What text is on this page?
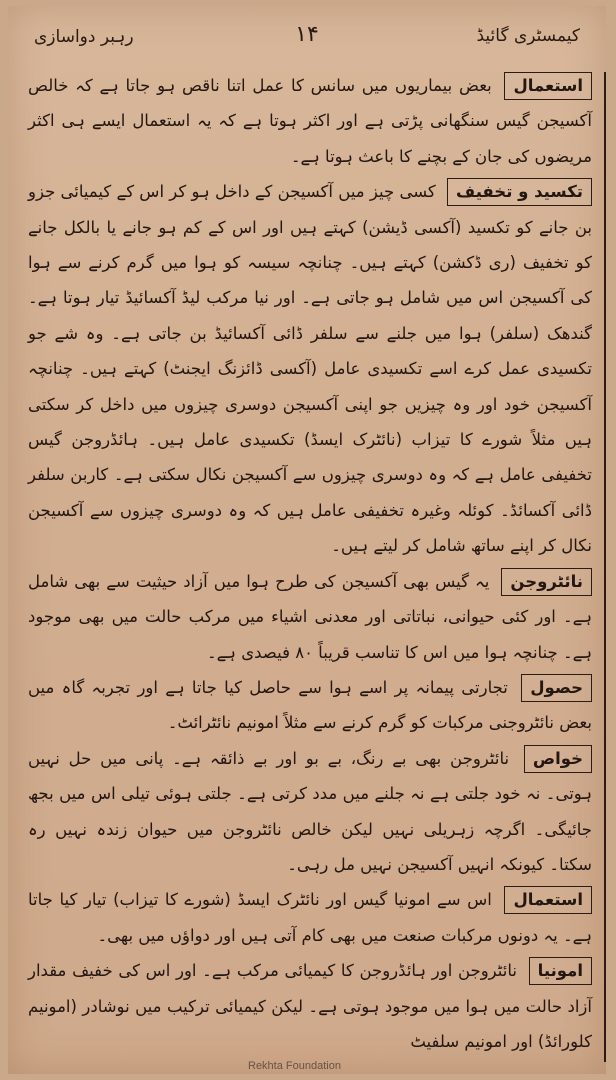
رہبر دواسازی	۱۴	کیمسٹری گائیڈ

استعمال بعض بیماریوں میں سانس کا عمل اتنا ناقص ہو جاتا ہے کہ خالص آکسیجن گیس سنگھانی پڑتی ہے اور اکثر ہوتا ہے کہ یہ استعمال ایسے ہی اکثر مریضوں کی جان کے بچنے کا باعث ہوتا ہے۔

تکسید و تخفیف کسی چیز میں آکسیجن کے داخل ہو کر اس کے کیمیائی جزو بن جانے کو تکسید (آکسی ڈیشن) کہتے ہیں اور اس کے کم ہو جانے یا بالکل جانے کو تخفیف (ری ڈکشن) کہتے ہیں۔ چنانچہ سیسہ کو ہوا میں گرم کرنے سے ہوا کی آکسیجن اس میں شامل ہو جاتی ہے۔ اور نیا مرکب لیڈ آکسائیڈ تیار ہوتا ہے۔ گندھک (سلفر) ہوا میں جلنے سے سلفر ڈائی آکسائیڈ بن جاتی ہے۔ وہ شے جو تکسیدی عمل کرے اسے تکسیدی عامل (آکسی ڈائزنگ ایجنٹ) کہتے ہیں۔ چنانچہ آکسیجن خود اور وہ چیزیں جو اپنی آکسیجن دوسری چیزوں میں داخل کر سکتی ہیں مثلاً شورے کا تیزاب (نائٹرک ایسڈ) تکسیدی عامل ہیں۔ ہائڈروجن گیس تخفیفی عامل ہے کہ وہ دوسری چیزوں سے آکسیجن نکال سکتی ہے۔ کاربن سلفر ڈائی آکسائڈ۔ کوئلہ وغیرہ تخفیفی عامل ہیں کہ وہ دوسری چیزوں سے آکسیجن نکال کر اپنے ساتھ شامل کر لیتے ہیں۔

نائٹروجن یہ گیس بھی آکسیجن کی طرح ہوا میں آزاد حیثیت سے بھی شامل ہے۔ اور کئی حیوانی، نباتاتی اور معدنی اشیاء میں مرکب حالت میں بھی موجود ہے۔ چنانچہ ہوا میں اس کا تناسب قریباً ۸۰ فیصدی ہے۔

حصول تجارتی پیمانہ پر اسے ہوا سے حاصل کیا جاتا ہے اور تجربہ گاہ میں بعض نائٹروجنی مرکبات کو گرم کرنے سے مثلاً امونیم نائٹرائٹ۔

خواص نائٹروجن بھی بے رنگ، بے بو اور بے ذائقہ ہے۔ پانی میں حل نہیں ہوتی۔ نہ خود جلتی ہے نہ جلنے میں مدد کرتی ہے۔ جلتی ہوئی تیلی اس میں بجھ جائیگی۔ اگرچہ زہریلی نہیں لیکن خالص نائٹروجن میں حیوان زندہ نہیں رہ سکتا۔ کیونکہ انہیں آکسیجن نہیں مل رہی۔

استعمال اس سے امونیا گیس اور نائٹرک ایسڈ (شورے کا تیزاب) تیار کیا جاتا ہے۔ یہ دونوں مرکبات صنعت میں بھی کام آتی ہیں اور دواؤں میں بھی۔

امونیا نائٹروجن اور ہائڈروجن کا کیمیائی مرکب ہے۔ اور اس کی خفیف مقدار آزاد حالت میں ہوا میں موجود ہوتی ہے۔ لیکن کیمیائی ترکیب میں نوشادر (امونیم کلورائڈ) اور امونیم سلفیٹ

Rekhta Foundation
